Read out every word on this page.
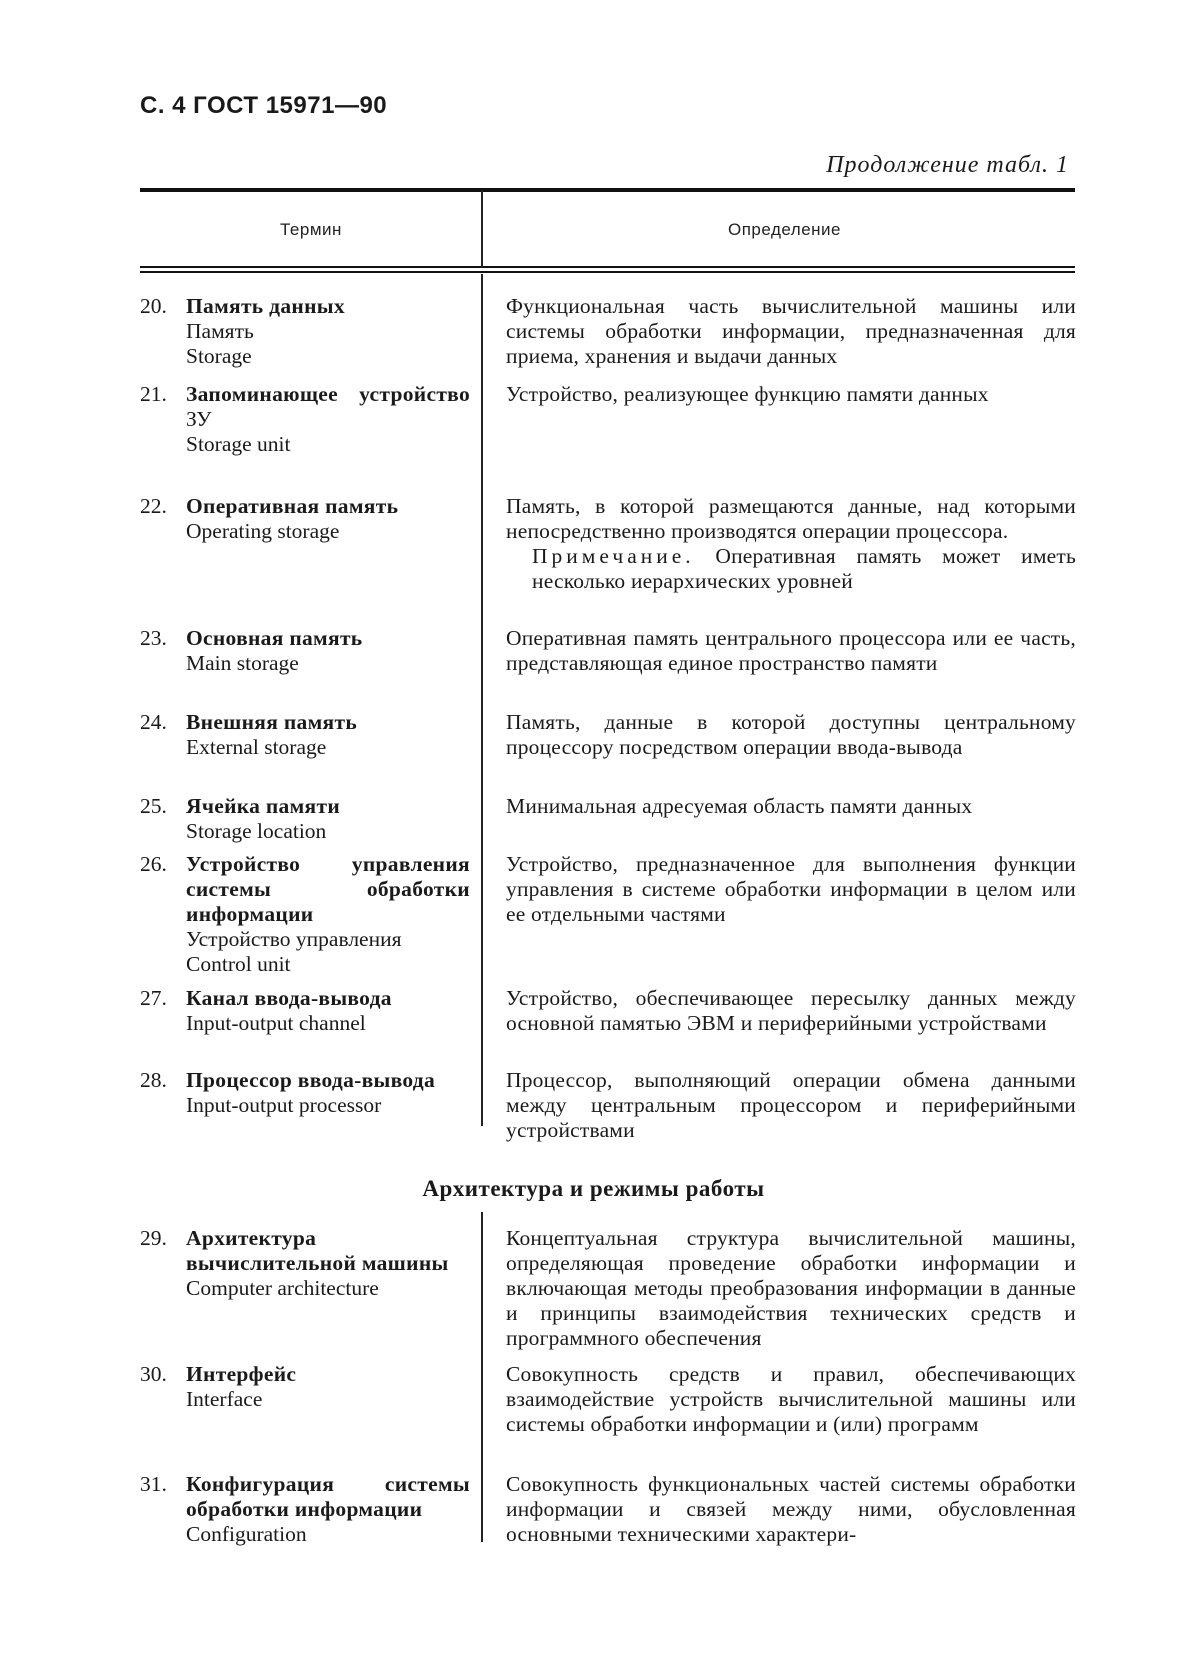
С. 4 ГОСТ 15971—90
Продолжение табл. 1
Термин	Определение
20. Память данных
Память
Storage
Функциональная часть вычислительной машины или системы обработки информации, предназначенная для приема, хранения и выдачи данных
21. Запоминающее устройство
ЗУ
Storage unit
Устройство, реализующее функцию памяти данных
22. Оперативная память
Operating storage
Память, в которой размещаются данные, над которыми непосредственно производятся операции процессора.
Примечание. Оперативная память может иметь несколько иерархических уровней
23. Основная память
Main storage
Оперативная память центрального процессора или ее часть, представляющая единое пространство памяти
24. Внешняя память
External storage
Память, данные в которой доступны центральному процессору посредством операции ввода-вывода
25. Ячейка памяти
Storage location
Минимальная адресуемая область памяти данных
26. Устройство управления системы обработки информации
Устройство управления
Control unit
Устройство, предназначенное для выполнения функции управления в системе обработки информации в целом или ее отдельными частями
27. Канал ввода-вывода
Input-output channel
Устройство, обеспечивающее пересылку данных между основной памятью ЭВМ и периферийными устройствами
28. Процессор ввода-вывода
Input-output processor
Процессор, выполняющий операции обмена данными между центральным процессором и периферийными устройствами
Архитектура и режимы работы
29. Архитектура вычислительной машины
Computer architecture
Концептуальная структура вычислительной машины, определяющая проведение обработки информации и включающая методы преобразования информации в данные и принципы взаимодействия технических средств и программного обеспечения
30. Интерфейс
Interface
Совокупность средств и правил, обеспечивающих взаимодействие устройств вычислительной машины или системы обработки информации и (или) программ
31. Конфигурация системы обработки информации
Configuration
Совокупность функциональных частей системы обработки информации и связей между ними, обусловленная основными техническими характери-
